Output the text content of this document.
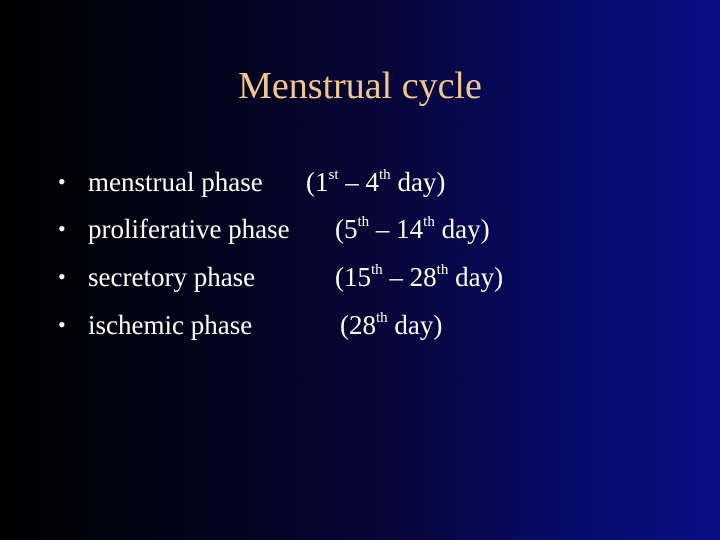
Menstrual cycle
• menstrual phase (1st – 4th day)
• proliferative phase (5th – 14th day)
• secretory phase	(15th – 28th day)
• ischemic phase	(28th day)
